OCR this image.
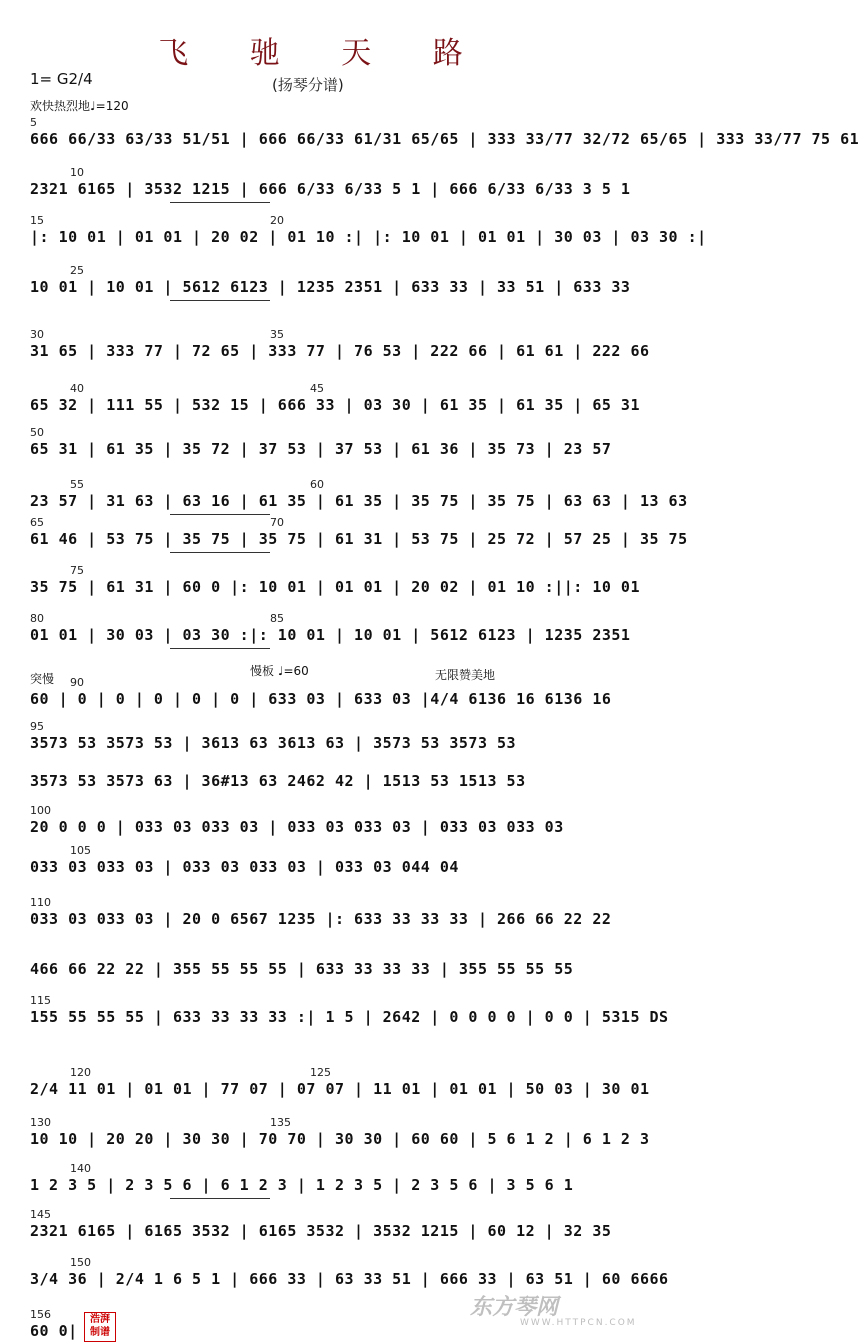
飞 驰 天 路
1= G2/4	(扬琴分谱)
欢快热烈地♩=120
666 66/33 63/33 51/51 | 666 66/33 61/31 65/65 | 333 33/77 32/72 65/65 | 333 33/77 75 61
5
2321 6165 | 3532 1215 | 666 6/33 6/33 5 1 | 666 6/33 6/33 3 5 1
10
|: 10 01 | 01 01 | 20 02 | 01 10 :| |: 10 01 | 01 01 | 30 03 | 03 30 :|
15	20
10 01 | 10 01 | 5612 6123 | 1235 2351 | 633 33 | 33 51 | 633 33
25
31 65 | 333 77 | 72 65 | 333 77 | 76 53 | 222 66 | 61 61 | 222 66
30	35
65 32 | 111 55 | 532 15 | 666 33 | 03 30 | 61 35 | 61 35 | 65 31
40	45
65 31 | 61 35 | 35 72 | 37 53 | 37 53 | 61 36 | 35 73 | 23 57
50
23 57 | 31 63 | 63 16 | 61 35 | 61 35 | 35 75 | 35 75 | 63 63 | 13 63
55	60
61 46 | 53 75 | 35 75 | 35 75 | 61 31 | 53 75 | 25 72 | 57 25 | 35 75
65	70
35 75 | 61 31 | 60 0 |: 10 01 | 01 01 | 20 02 | 01 10 :||: 10 01
75
01 01 | 30 03 | 03 30 :|: 10 01 | 10 01 | 5612 6123 | 1235 2351
80	85
60 | 0 | 0 | 0 | 0 | 0 | 633 03 | 633 03 |4/4 6136 16 6136 16
90
3573 53 3573 53 | 3613 63 3613 63 | 3573 53 3573 53
95
3573 53 3573 63 | 36#13 63 2462 42 | 1513 53 1513 53
20 0 0 0 | 033 03 033 03 | 033 03 033 03 | 033 03 033 03
100
033 03 033 03 | 033 03 033 03 | 033 03 044 04
105
033 03 033 03 | 20 0 6567 1235 |: 633 33 33 33 | 266 66 22 22
110
466 66 22 22 | 355 55 55 55 | 633 33 33 33 | 355 55 55 55
155 55 55 55 | 633 33 33 33 :| 1 5 | 2642 | 0 0 0 0 | 0 0 | 5315 DS
115
2/4 11 01 | 01 01 | 77 07 | 07 07 | 11 01 | 01 01 | 50 03 | 30 01
120	125
10 10 | 20 20 | 30 30 | 70 70 | 30 30 | 60 60 | 5 6 1 2 | 6 1 2 3
130	135
1 2 3 5 | 2 3 5 6 | 6 1 2 3 | 1 2 3 5 | 2 3 5 6 | 3 5 6 1
140
2321 6165 | 6165 3532 | 6165 3532 | 3532 1215 | 60 12 | 32 35
145
3/4 36 | 2/4 1 6 5 1 | 666 33 | 63 33 51 | 666 33 | 63 51 | 60 6666
150
60 0|
156
突慢
慢板 ♩=60	无限赞美地
浩湃
制谱
东方琴网
WWW.HTTPCN.COM
